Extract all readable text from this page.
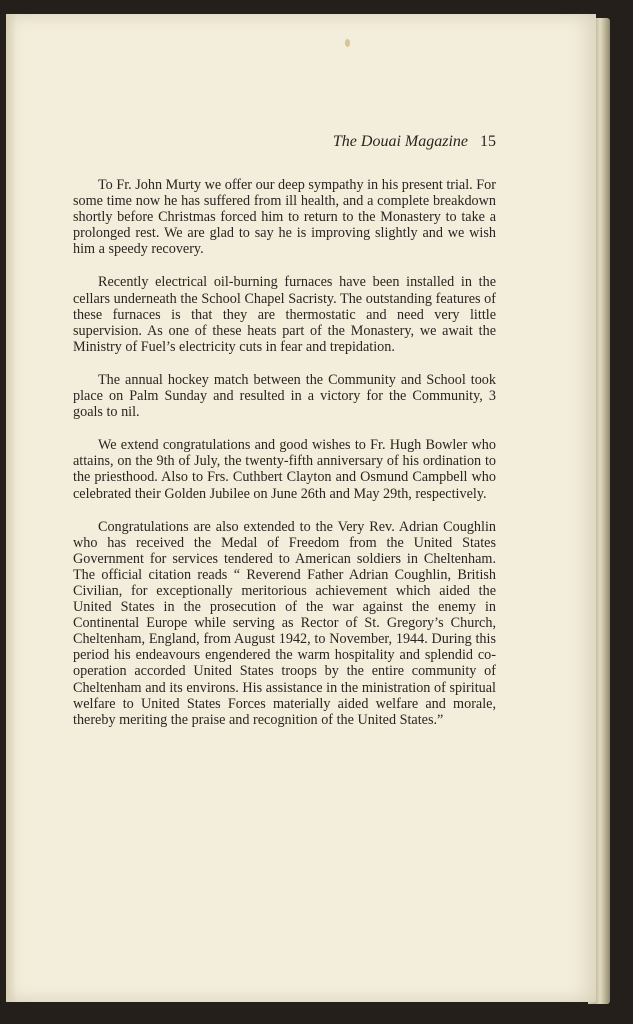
The Douai Magazine 15

To Fr. John Murty we offer our deep sympathy in his present trial. For some time now he has suffered from ill health, and a complete breakdown shortly before Christmas forced him to return to the Monastery to take a prolonged rest. We are glad to say he is improving slightly and we wish him a speedy recovery.

Recently electrical oil-burning furnaces have been installed in the cellars underneath the School Chapel Sacristy. The outstanding features of these furnaces is that they are thermostatic and need very little supervision. As one of these heats part of the Monastery, we await the Ministry of Fuel’s electricity cuts in fear and trepidation.

The annual hockey match between the Community and School took place on Palm Sunday and resulted in a victory for the Community, 3 goals to nil.

We extend congratulations and good wishes to Fr. Hugh Bowler who attains, on the 9th of July, the twenty-fifth anniversary of his ordination to the priesthood. Also to Frs. Cuthbert Clayton and Osmund Campbell who celebrated their Golden Jubilee on June 26th and May 29th, respectively.

Congratulations are also extended to the Very Rev. Adrian Coughlin who has received the Medal of Freedom from the United States Government for services tendered to American soldiers in Cheltenham. The official citation reads “ Reverend Father Adrian Coughlin, British Civilian, for exceptionally meritorious achievement which aided the United States in the prosecution of the war against the enemy in Continental Europe while serving as Rector of St. Gregory’s Church, Cheltenham, England, from August 1942, to November, 1944. During this period his endeavours engendered the warm hospitality and splendid co-operation accorded United States troops by the entire community of Cheltenham and its environs. His assistance in the ministration of spiritual welfare to United States Forces materially aided welfare and morale, thereby meriting the praise and recognition of the United States.”
